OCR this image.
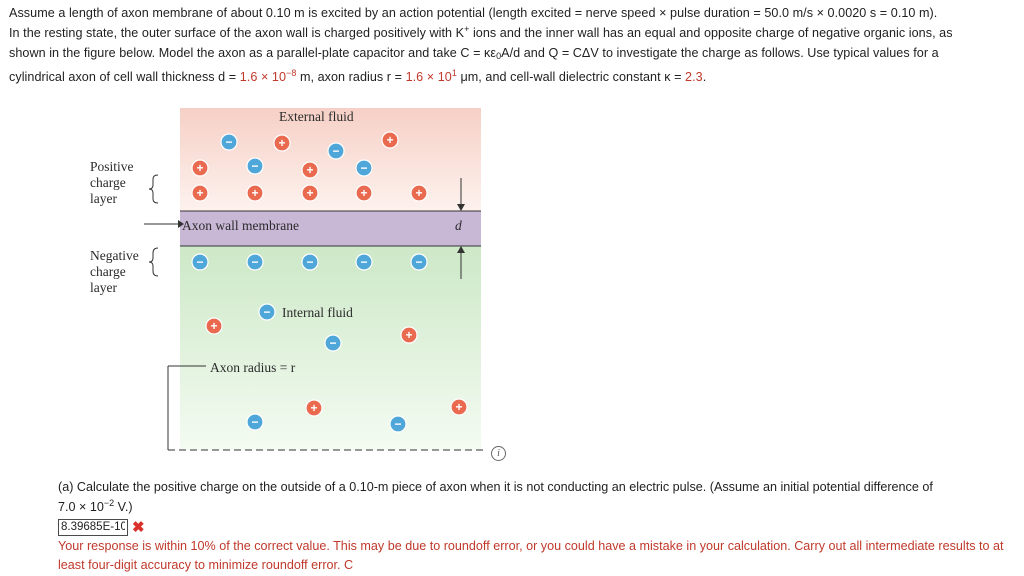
Assume a length of axon membrane of about 0.10 m is excited by an action potential (length excited = nerve speed × pulse duration = 50.0 m/s × 0.0020 s = 0.10 m).

In the resting state, the outer surface of the axon wall is charged positively with K+ ions and the inner wall has an equal and opposite charge of negative organic ions, as

shown in the figure below. Model the axon as a parallel-plate capacitor and take $C = \kappa\varepsilon_0A/d$ and Q = CΔV to investigate the charge as follows. Use typical values for a

cylindrical axon of cell wall thickness $d = 1.6 \times 10^{-8}$ m, axon radius $r = 1.6 \times 10^1$ μm, and cell-wall dielectric constant κ = 2.3.

−	+
−
+
+	−	+	−
+	+	+	+	+
−	−	−	−	−
+
−
−
+
+
−	−
+
External fluid
Positive
charge
layer
Axon wall membrane	d
Negative
charge
layer
Internal fluid
Axon radius = r
i
(a) Calculate the positive charge on the outside of a 0.10-m piece of axon when it is not conducting an electric pulse. (Assume an initial potential difference of
$7.0 \times 10^{-2}$ V.)
8.39685E-10
✖
Your response is within 10% of the correct value. This may be due to roundoff error, or you could have a mistake in your calculation. Carry out all intermediate results to at least four-digit accuracy to minimize roundoff error. C
